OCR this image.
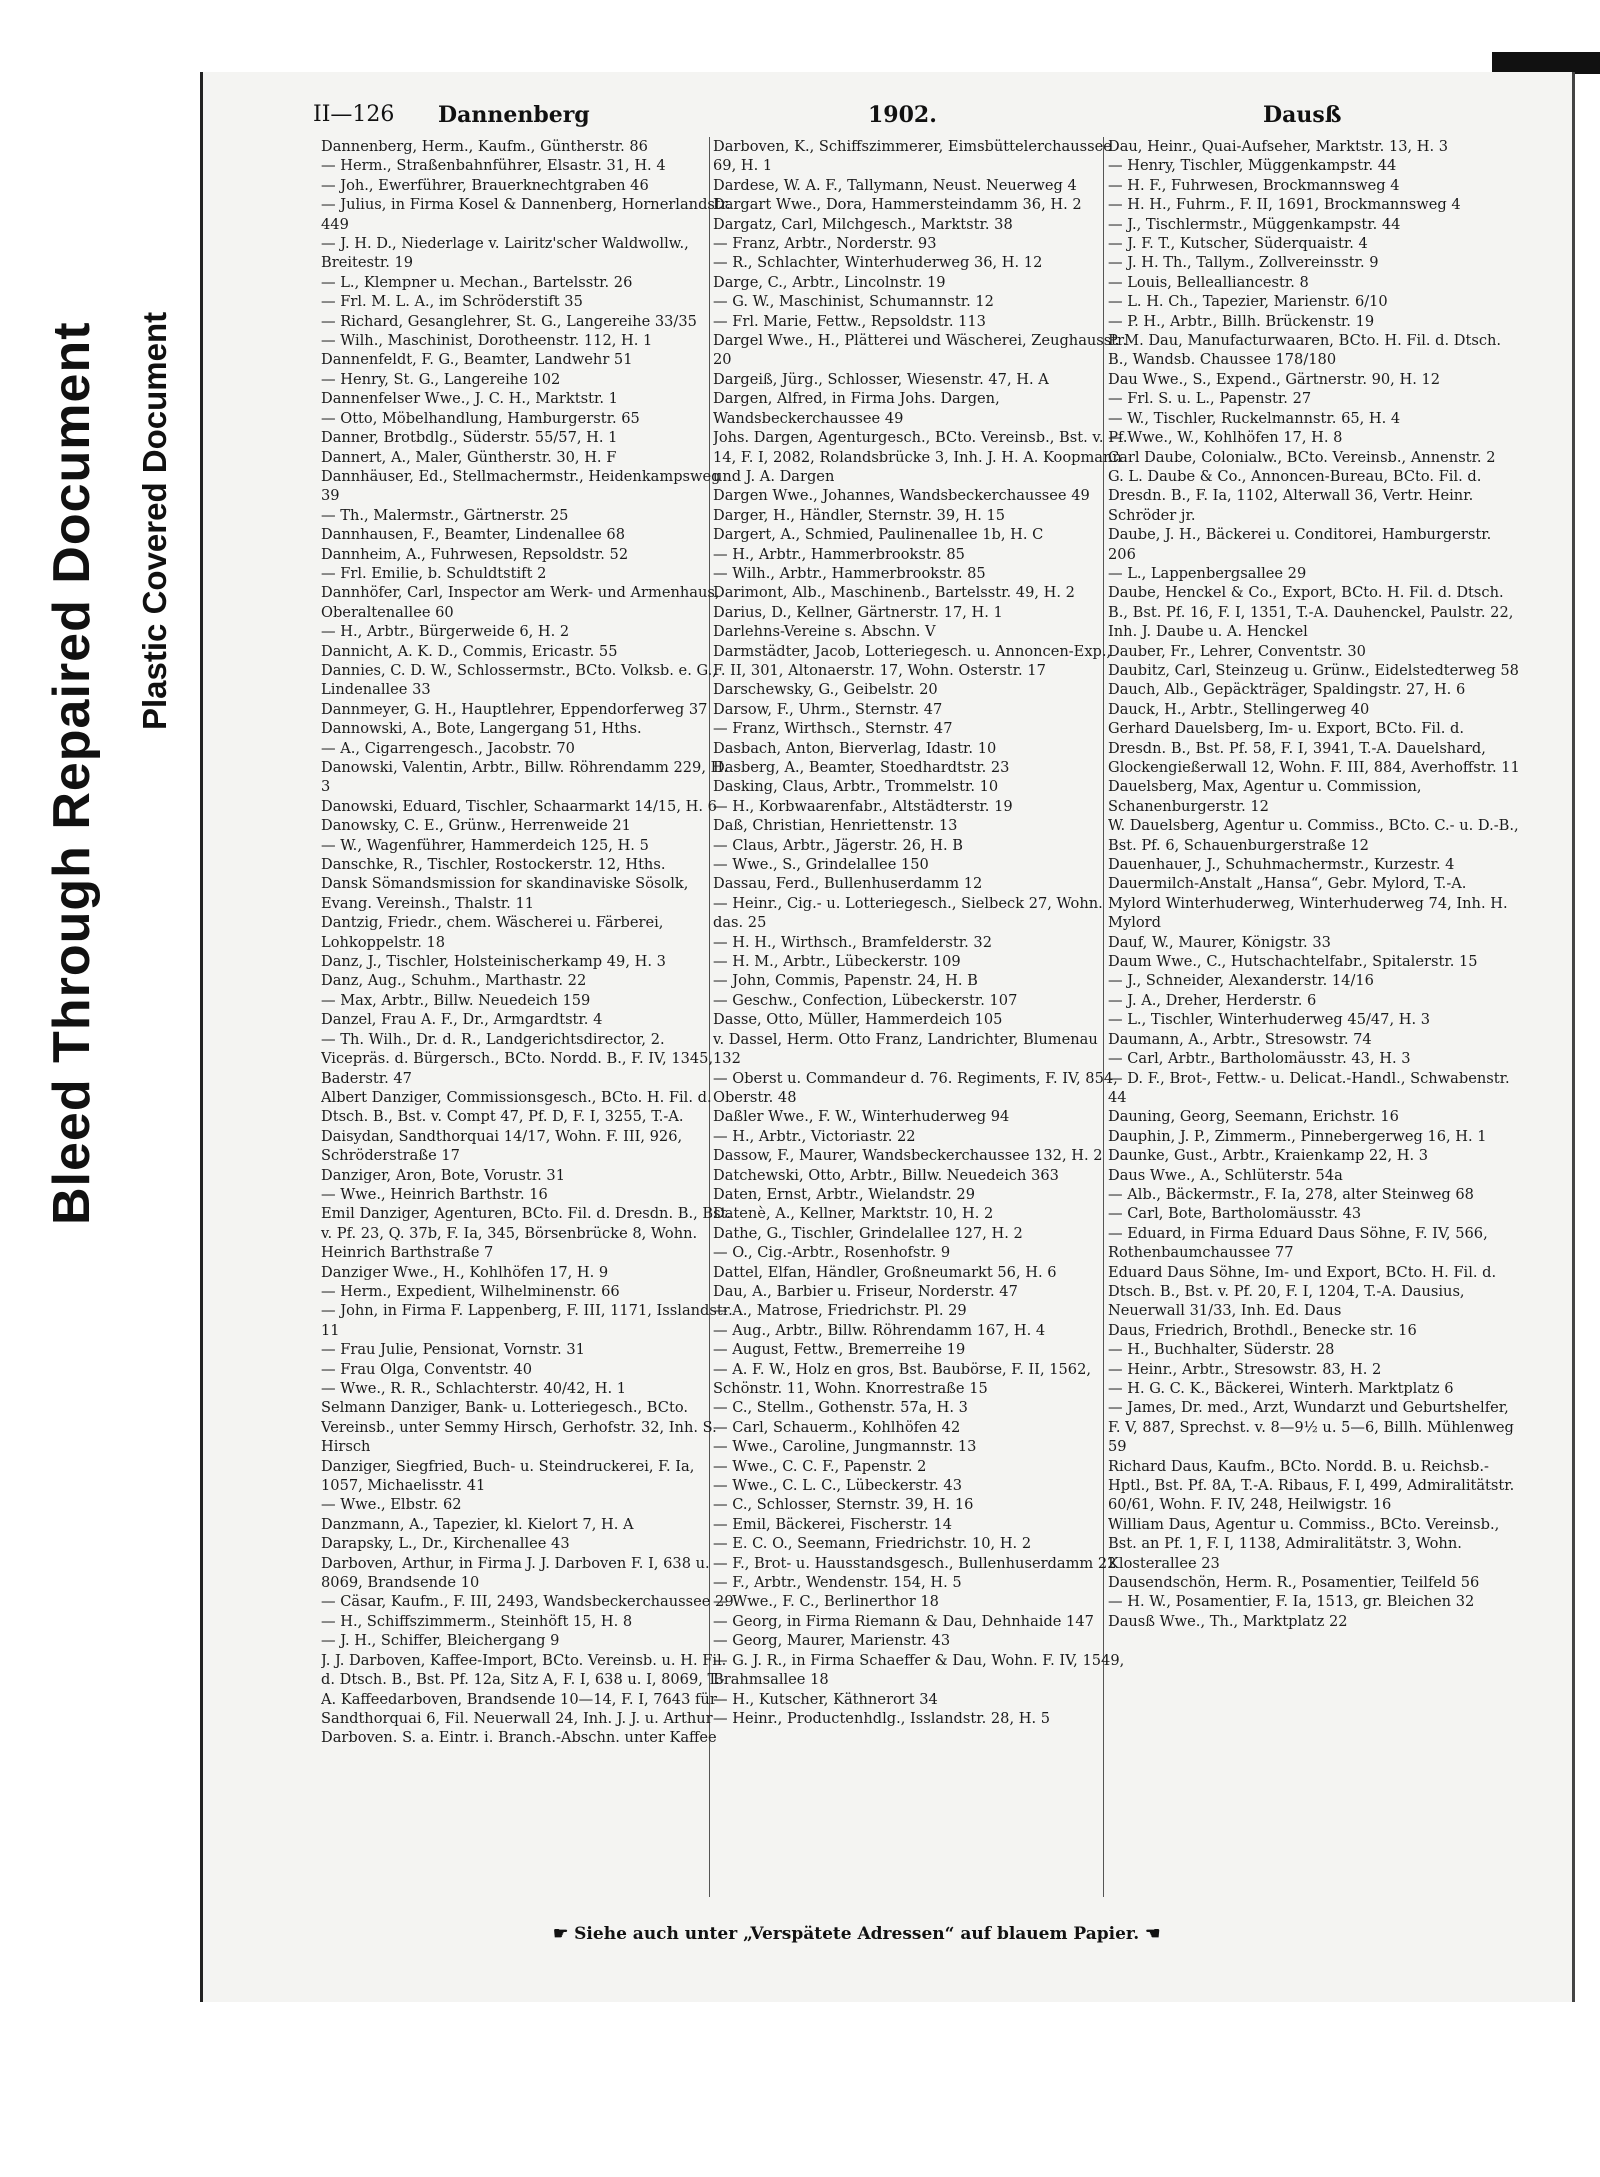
Bleed Through Repaired Document Plastic Covered Document
II—126 Dannenberg	1902.	Dausß
Dannenberg, Herm., Kaufm., Güntherstr. 86
— Herm., Straßenbahnführer, Elsastr. 31, H. 4
— Joh., Ewerführer, Brauerknechtgraben 46
— Julius, in Firma Kosel & Dannenberg, Hornerlandstr. 449
— J. H. D., Niederlage v. Lairitz'scher Waldwollw., Breitestr. 19
— L., Klempner u. Mechan., Bartelsstr. 26
— Frl. M. L. A., im Schröderstift 35
— Richard, Gesanglehrer, St. G., Langereihe 33/35
— Wilh., Maschinist, Dorotheenstr. 112, H. 1
Dannenfeldt, F. G., Beamter, Landwehr 51
— Henry, St. G., Langereihe 102
Dannenfelser Wwe., J. C. H., Marktstr. 1
— Otto, Möbelhandlung, Hamburgerstr. 65
Danner, Brotbdlg., Süderstr. 55/57, H. 1
Dannert, A., Maler, Güntherstr. 30, H. F
Dannhäuser, Ed., Stellmachermstr., Heidenkampsweg 39
— Th., Malermstr., Gärtnerstr. 25
Dannhausen, F., Beamter, Lindenallee 68
Dannheim, A., Fuhrwesen, Repsoldstr. 52
— Frl. Emilie, b. Schuldtstift 2
Dannhöfer, Carl, Inspector am Werk- und Armenhaus, Oberaltenallee 60
— H., Arbtr., Bürgerweide 6, H. 2
Dannicht, A. K. D., Commis, Ericastr. 55
Dannies, C. D. W., Schlossermstr., BCto. Volksb. e. G., Lindenallee 33
Dannmeyer, G. H., Hauptlehrer, Eppendorferweg 37
Dannowski, A., Bote, Langergang 51, Hths.
— A., Cigarrengesch., Jacobstr. 70
Danowski, Valentin, Arbtr., Billw. Röhrendamm 229, H. 3
Danowski, Eduard, Tischler, Schaarmarkt 14/15, H. 6
Danowsky, C. E., Grünw., Herrenweide 21
— W., Wagenführer, Hammerdeich 125, H. 5
Danschke, R., Tischler, Rostockerstr. 12, Hths.
Dansk Sömandsmission for skandinaviske Sösolk, Evang. Vereinsh., Thalstr. 11
Dantzig, Friedr., chem. Wäscherei u. Färberei, Lohkoppelstr. 18
Danz, J., Tischler, Holsteinischerkamp 49, H. 3
Danz, Aug., Schuhm., Marthastr. 22
— Max, Arbtr., Billw. Neuedeich 159
Danzel, Frau A. F., Dr., Armgardtstr. 4
— Th. Wilh., Dr. d. R., Landgerichtsdirector, 2. Vicepräs. d. Bürgersch., BCto. Nordd. B., F. IV, 1345, Baderstr. 47
Albert Danziger, Commissionsgesch., BCto. H. Fil. d. Dtsch. B., Bst. v. Compt 47, Pf. D, F. I, 3255, T.-A. Daisydan, Sandthorquai 14/17, Wohn. F. III, 926, Schröderstraße 17
Danziger, Aron, Bote, Vorustr. 31
— Wwe., Heinrich Barthstr. 16
Emil Danziger, Agenturen, BCto. Fil. d. Dresdn. B., Bst. v. Pf. 23, Q. 37b, F. Ia, 345, Börsenbrücke 8, Wohn. Heinrich Barthstraße 7
Danziger Wwe., H., Kohlhöfen 17, H. 9
— Herm., Expedient, Wilhelminenstr. 66
— John, in Firma F. Lappenberg, F. III, 1171, Isslandstr. 11
— Frau Julie, Pensionat, Vornstr. 31
— Frau Olga, Conventstr. 40
— Wwe., R. R., Schlachterstr. 40/42, H. 1
Selmann Danziger, Bank- u. Lotteriegesch., BCto. Vereinsb., unter Semmy Hirsch, Gerhofstr. 32, Inh. S. Hirsch
Danziger, Siegfried, Buch- u. Steindruckerei, F. Ia, 1057, Michaelisstr. 41
— Wwe., Elbstr. 62
Danzmann, A., Tapezier, kl. Kielort 7, H. A
Darapsky, L., Dr., Kirchenallee 43
Darboven, Arthur, in Firma J. J. Darboven F. I, 638 u. 8069, Brandsende 10
— Cäsar, Kaufm., F. III, 2493, Wandsbeckerchaussee 29
— H., Schiffszimmerm., Steinhöft 15, H. 8
— J. H., Schiffer, Bleichergang 9
J. J. Darboven, Kaffee-Import, BCto. Vereinsb. u. H. Fil. d. Dtsch. B., Bst. Pf. 12a, Sitz A, F. I, 638 u. I, 8069, T.-A. Kaffeedarboven, Brandsende 10—14, F. I, 7643 für Sandthorquai 6, Fil. Neuerwall 24, Inh. J. J. u. Arthur Darboven. S. a. Eintr. i. Branch.-Abschn. unter Kaffee
Darboven, K., Schiffszimmerer, Eimsbüttelerchaussee 69, H. 1
Dardese, W. A. F., Tallymann, Neust. Neuerweg 4
Dargart Wwe., Dora, Hammersteindamm 36, H. 2
Dargatz, Carl, Milchgesch., Marktstr. 38
— Franz, Arbtr., Norderstr. 93
— R., Schlachter, Winterhuderweg 36, H. 12
Darge, C., Arbtr., Lincolnstr. 19
— G. W., Maschinist, Schumannstr. 12
— Frl. Marie, Fettw., Repsoldstr. 113
Dargel Wwe., H., Plätterei und Wäscherei, Zeughausstr. 20
Dargeiß, Jürg., Schlosser, Wiesenstr. 47, H. A
Dargen, Alfred, in Firma Johs. Dargen, Wandsbeckerchaussee 49
Johs. Dargen, Agenturgesch., BCto. Vereinsb., Bst. v. Pf. 14, F. I, 2082, Rolandsbrücke 3, Inh. J. H. A. Koopmann und J. A. Dargen
Dargen Wwe., Johannes, Wandsbeckerchaussee 49
Darger, H., Händler, Sternstr. 39, H. 15
Dargert, A., Schmied, Paulinenallee 1b, H. C
— H., Arbtr., Hammerbrookstr. 85
— Wilh., Arbtr., Hammerbrookstr. 85
Darimont, Alb., Maschinenb., Bartelsstr. 49, H. 2
Darius, D., Kellner, Gärtnerstr. 17, H. 1
Darlehns-Vereine s. Abschn. V
Darmstädter, Jacob, Lotteriegesch. u. Annoncen-Exp., F. II, 301, Altonaerstr. 17, Wohn. Osterstr. 17
Darschewsky, G., Geibelstr. 20
Darsow, F., Uhrm., Sternstr. 47
— Franz, Wirthsch., Sternstr. 47
Dasbach, Anton, Bierverlag, Idastr. 10
Dasberg, A., Beamter, Stoedhardtstr. 23
Dasking, Claus, Arbtr., Trommelstr. 10
— H., Korbwaarenfabr., Altstädterstr. 19
Daß, Christian, Henriettenstr. 13
— Claus, Arbtr., Jägerstr. 26, H. B
— Wwe., S., Grindelallee 150
Dassau, Ferd., Bullenhuserdamm 12
— Heinr., Cig.- u. Lotteriegesch., Sielbeck 27, Wohn. das. 25
— H. H., Wirthsch., Bramfelderstr. 32
— H. M., Arbtr., Lübeckerstr. 109
— John, Commis, Papenstr. 24, H. B
— Geschw., Confection, Lübeckerstr. 107
Dasse, Otto, Müller, Hammerdeich 105
v. Dassel, Herm. Otto Franz, Landrichter, Blumenau 132
— Oberst u. Commandeur d. 76. Regiments, F. IV, 854, Oberstr. 48
Daßler Wwe., F. W., Winterhuderweg 94
— H., Arbtr., Victoriastr. 22
Dassow, F., Maurer, Wandsbeckerchaussee 132, H. 2
Datchewski, Otto, Arbtr., Billw. Neuedeich 363
Daten, Ernst, Arbtr., Wielandstr. 29
Datenè, A., Kellner, Marktstr. 10, H. 2
Dathe, G., Tischler, Grindelallee 127, H. 2
— O., Cig.-Arbtr., Rosenhofstr. 9
Dattel, Elfan, Händler, Großneumarkt 56, H. 6
Dau, A., Barbier u. Friseur, Norderstr. 47
— A., Matrose, Friedrichstr. Pl. 29
— Aug., Arbtr., Billw. Röhrendamm 167, H. 4
— August, Fettw., Bremerreihe 19
— A. F. W., Holz en gros, Bst. Baubörse, F. II, 1562, Schönstr. 11, Wohn. Knorrestraße 15
— C., Stellm., Gothenstr. 57a, H. 3
— Carl, Schauerm., Kohlhöfen 42
— Wwe., Caroline, Jungmannstr. 13
— Wwe., C. C. F., Papenstr. 2
— Wwe., C. L. C., Lübeckerstr. 43
— C., Schlosser, Sternstr. 39, H. 16
— Emil, Bäckerei, Fischerstr. 14
— E. C. O., Seemann, Friedrichstr. 10, H. 2
— F., Brot- u. Hausstandsgesch., Bullenhuserdamm 22
— F., Arbtr., Wendenstr. 154, H. 5
— Wwe., F. C., Berlinerthor 18
— Georg, in Firma Riemann & Dau, Dehnhaide 147
— Georg, Maurer, Marienstr. 43
— G. J. R., in Firma Schaeffer & Dau, Wohn. F. IV, 1549, Brahmsallee 18
— H., Kutscher, Käthnerort 34
— Heinr., Productenhdlg., Isslandstr. 28, H. 5
Dau, Heinr., Quai-Aufseher, Marktstr. 13, H. 3
— Henry, Tischler, Müggenkampstr. 44
— H. F., Fuhrwesen, Brockmannsweg 4
— H. H., Fuhrm., F. II, 1691, Brockmannsweg 4
— J., Tischlermstr., Müggenkampstr. 44
— J. F. T., Kutscher, Süderquaistr. 4
— J. H. Th., Tallym., Zollvereinsstr. 9
— Louis, Bellealliancestr. 8
— L. H. Ch., Tapezier, Marienstr. 6/10
— P. H., Arbtr., Billh. Brückenstr. 19
P. M. Dau, Manufacturwaaren, BCto. H. Fil. d. Dtsch. B., Wandsb. Chaussee 178/180
Dau Wwe., S., Expend., Gärtnerstr. 90, H. 12
— Frl. S. u. L., Papenstr. 27
— W., Tischler, Ruckelmannstr. 65, H. 4
— Wwe., W., Kohlhöfen 17, H. 8
Carl Daube, Colonialw., BCto. Vereinsb., Annenstr. 2
G. L. Daube & Co., Annoncen-Bureau, BCto. Fil. d. Dresdn. B., F. Ia, 1102, Alterwall 36, Vertr. Heinr. Schröder jr.
Daube, J. H., Bäckerei u. Conditorei, Hamburgerstr. 206
— L., Lappenbergsallee 29
Daube, Henckel & Co., Export, BCto. H. Fil. d. Dtsch. B., Bst. Pf. 16, F. I, 1351, T.-A. Dauhenckel, Paulstr. 22, Inh. J. Daube u. A. Henckel
Dauber, Fr., Lehrer, Conventstr. 30
Daubitz, Carl, Steinzeug u. Grünw., Eidelstedterweg 58
Dauch, Alb., Gepäckträger, Spaldingstr. 27, H. 6
Dauck, H., Arbtr., Stellingerweg 40
Gerhard Dauelsberg, Im- u. Export, BCto. Fil. d. Dresdn. B., Bst. Pf. 58, F. I, 3941, T.-A. Dauelshard, Glockengießerwall 12, Wohn. F. III, 884, Averhoffstr. 11
Dauelsberg, Max, Agentur u. Commission, Schanenburgerstr. 12
W. Dauelsberg, Agentur u. Commiss., BCto. C.- u. D.-B., Bst. Pf. 6, Schauenburgerstraße 12
Dauenhauer, J., Schuhmachermstr., Kurzestr. 4
Dauermilch-Anstalt „Hansa“, Gebr. Mylord, T.-A. Mylord Winterhuderweg, Winterhuderweg 74, Inh. H. Mylord
Dauf, W., Maurer, Königstr. 33
Daum Wwe., C., Hutschachtelfabr., Spitalerstr. 15
— J., Schneider, Alexanderstr. 14/16
— J. A., Dreher, Herderstr. 6
— L., Tischler, Winterhuderweg 45/47, H. 3
Daumann, A., Arbtr., Stresowstr. 74
— Carl, Arbtr., Bartholomäusstr. 43, H. 3
— D. F., Brot-, Fettw.- u. Delicat.-Handl., Schwabenstr. 44
Dauning, Georg, Seemann, Erichstr. 16
Dauphin, J. P., Zimmerm., Pinnebergerweg 16, H. 1
Daunke, Gust., Arbtr., Kraienkamp 22, H. 3
Daus Wwe., A., Schlüterstr. 54a
— Alb., Bäckermstr., F. Ia, 278, alter Steinweg 68
— Carl, Bote, Bartholomäusstr. 43
— Eduard, in Firma Eduard Daus Söhne, F. IV, 566, Rothenbaumchaussee 77
Eduard Daus Söhne, Im- und Export, BCto. H. Fil. d. Dtsch. B., Bst. v. Pf. 20, F. I, 1204, T.-A. Dausius, Neuerwall 31/33, Inh. Ed. Daus
Daus, Friedrich, Brothdl., Benecke str. 16
— H., Buchhalter, Süderstr. 28
— Heinr., Arbtr., Stresowstr. 83, H. 2
— H. G. C. K., Bäckerei, Winterh. Marktplatz 6
— James, Dr. med., Arzt, Wundarzt und Geburtshelfer, F. V, 887, Sprechst. v. 8—9½ u. 5—6, Billh. Mühlenweg 59
Richard Daus, Kaufm., BCto. Nordd. B. u. Reichsb.-Hptl., Bst. Pf. 8A, T.-A. Ribaus, F. I, 499, Admiralitätstr. 60/61, Wohn. F. IV, 248, Heilwigstr. 16
William Daus, Agentur u. Commiss., BCto. Vereinsb., Bst. an Pf. 1, F. I, 1138, Admiralitätstr. 3, Wohn. Klosterallee 23
Dausendschön, Herm. R., Posamentier, Teilfeld 56
— H. W., Posamentier, F. Ia, 1513, gr. Bleichen 32
Dausß Wwe., Th., Marktplatz 22
☛ Siehe auch unter „Verspätete Adressen“ auf blauem Papier. ☚
